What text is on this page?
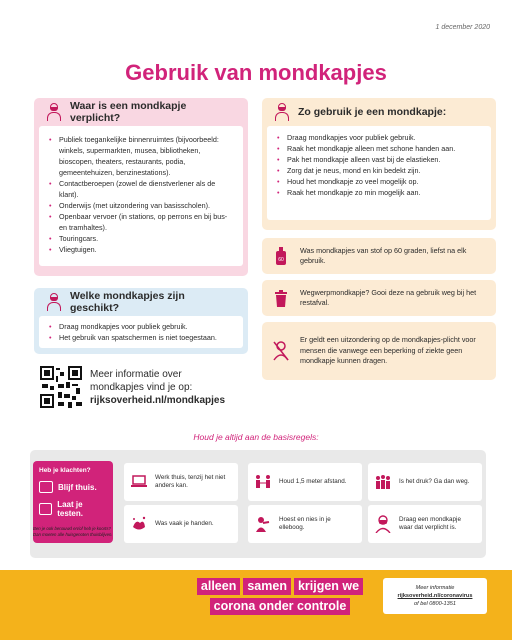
1 december 2020
Gebruik van mondkapjes
Waar is een mondkapje verplicht?
• Publiek toegankelijke binnenruimtes (bijvoorbeeld: winkels, supermarkten, musea, bibliotheken, bioscopen, theaters, restaurants, podia, gemeentehuizen, benzinestations).
• Contactberoepen (zowel de dienstverlener als de klant).
• Onderwijs (met uitzondering van basisscholen).
• Openbaar vervoer (in stations, op perrons en bij bus- en tramhaltes).
• Touringcars.
• Vliegtuigen.
Welke mondkapjes zijn geschikt?
• Draag mondkapjes voor publiek gebruik.
• Het gebruik van spatschermen is niet toegestaan.
Zo gebruik je een mondkapje:
• Draag mondkapjes voor publiek gebruik.
• Raak het mondkapje alleen met schone handen aan.
• Pak het mondkapje alleen vast bij de elastieken.
• Zorg dat je neus, mond en kin bedekt zijn.
• Houd het mondkapje zo veel mogelijk op.
• Raak het mondkapje zo min mogelijk aan.
60
Was mondkapjes van stof op 60 graden, liefst na elk gebruik.
Wegwerpmondkapje? Gooi deze na gebruik weg bij het restafval.
Er geldt een uitzondering op de mondkapjes-plicht voor mensen die vanwege een beperking of ziekte geen mondkapje kunnen dragen.
Meer informatie over
mondkapjes vind je op:
rijksoverheid.nl/mondkapjes
Houd je altijd aan de basisregels:
Heb je klachten?
Blijf thuis.
Laat je testen.
Ben je ook benauwd en/of heb je koorts? Dan moeten alle huisgenoten thuisblijven.
Werk thuis, tenzij het niet anders kan.
Houd 1,5 meter afstand.	Is het druk? Ga dan weg.
Was vaak je handen.
Hoest en nies in je elleboog.
Draag een mondkapje waar dat verplicht is.
alleen samen krijgen we
corona onder controle
Meer informatie
rijksoverheid.nl/coronavirus
of bel 0800-1351
